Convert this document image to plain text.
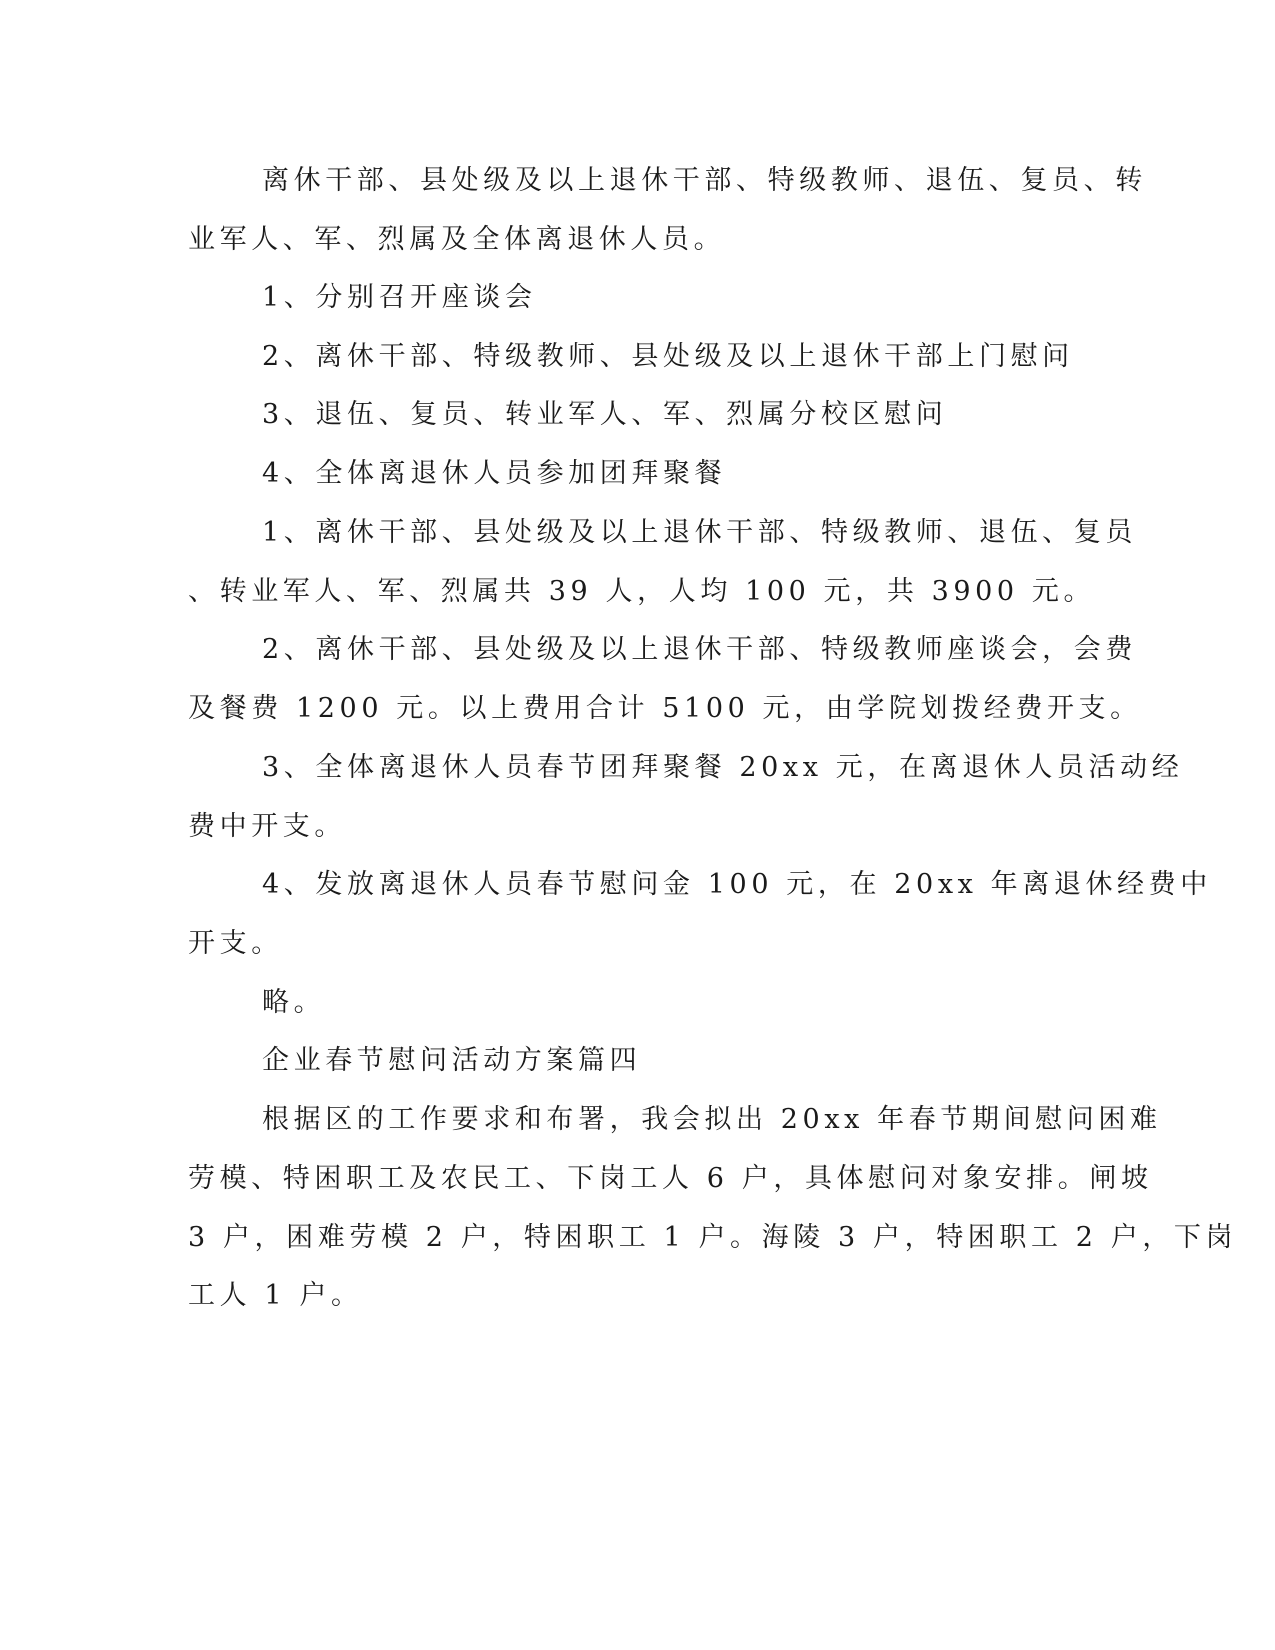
离休干部、县处级及以上退休干部、特级教师、退伍、复员、转
业军人、军、烈属及全体离退休人员。
1、分别召开座谈会
2、离休干部、特级教师、县处级及以上退休干部上门慰问
3、退伍、复员、转业军人、军、烈属分校区慰问
4、全体离退休人员参加团拜聚餐
1、离休干部、县处级及以上退休干部、特级教师、退伍、复员
、转业军人、军、烈属共 39 人，人均 100 元，共 3900 元。
2、离休干部、县处级及以上退休干部、特级教师座谈会，会费
及餐费 1200 元。以上费用合计 5100 元，由学院划拨经费开支。
3、全体离退休人员春节团拜聚餐 20xx 元，在离退休人员活动经
费中开支。
4、发放离退休人员春节慰问金 100 元，在 20xx 年离退休经费中
开支。
略。
企业春节慰问活动方案篇四
根据区的工作要求和布署，我会拟出 20xx 年春节期间慰问困难
劳模、特困职工及农民工、下岗工人 6 户，具体慰问对象安排。闸坡
3 户，困难劳模 2 户，特困职工 1 户。海陵 3 户，特困职工 2 户，下岗
工人 1 户。
